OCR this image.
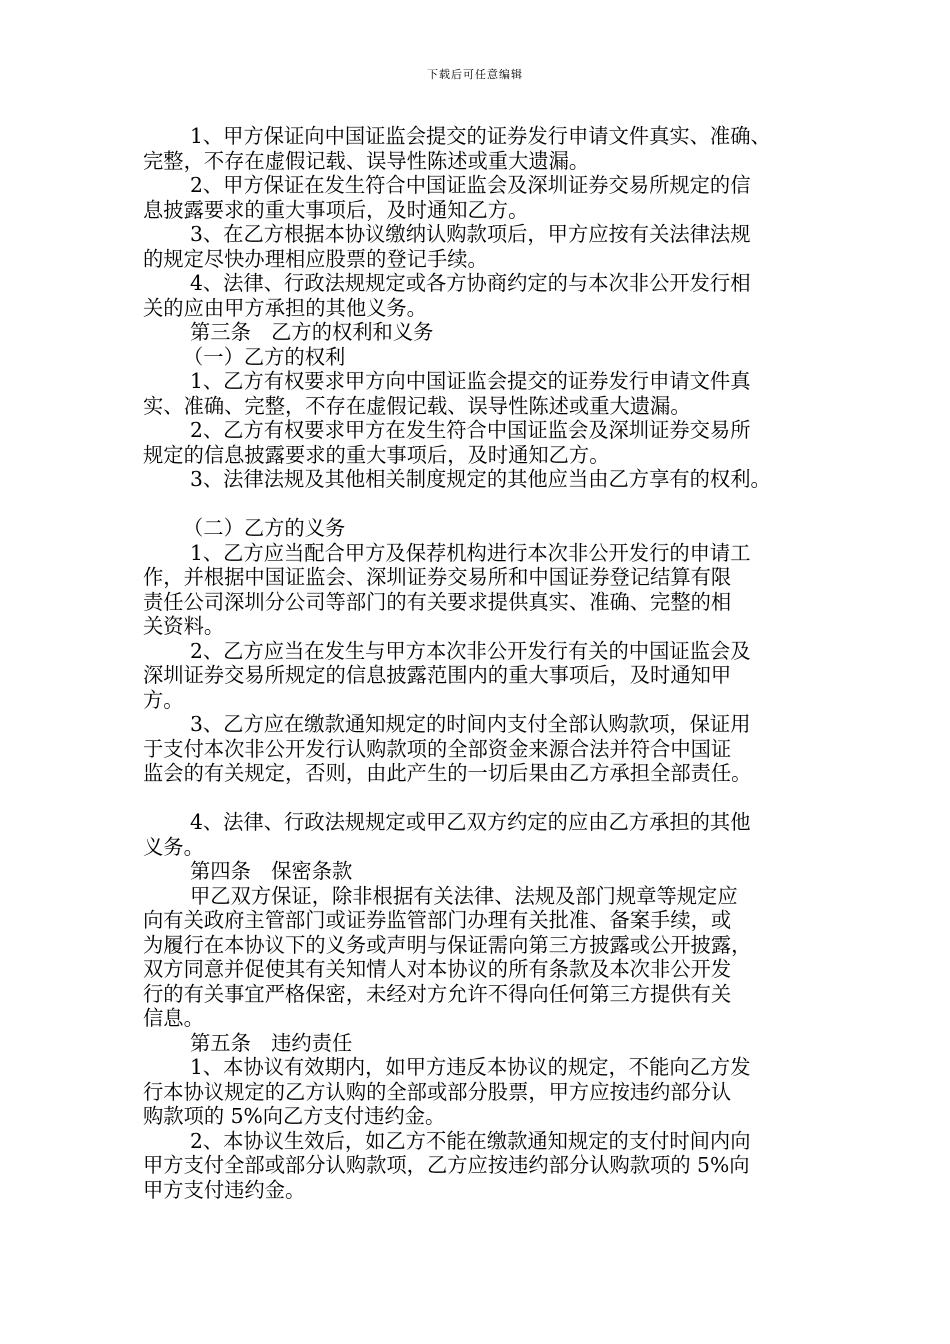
下载后可任意编辑
1、甲方保证向中国证监会提交的证券发行申请文件真实、准确、
完整，不存在虚假记载、误导性陈述或重大遗漏。
2、甲方保证在发生符合中国证监会及深圳证券交易所规定的信
息披露要求的重大事项后，及时通知乙方。
3、在乙方根据本协议缴纳认购款项后，甲方应按有关法律法规
的规定尽快办理相应股票的登记手续。
4、法律、行政法规规定或各方协商约定的与本次非公开发行相
关的应由甲方承担的其他义务。
第三条　乙方的权利和义务
（一）乙方的权利
1、乙方有权要求甲方向中国证监会提交的证券发行申请文件真
实、准确、完整，不存在虚假记载、误导性陈述或重大遗漏。
2、乙方有权要求甲方在发生符合中国证监会及深圳证券交易所
规定的信息披露要求的重大事项后，及时通知乙方。
3、法律法规及其他相关制度规定的其他应当由乙方享有的权利。
（二）乙方的义务
1、乙方应当配合甲方及保荐机构进行本次非公开发行的申请工
作，并根据中国证监会、深圳证券交易所和中国证券登记结算有限
责任公司深圳分公司等部门的有关要求提供真实、准确、完整的相
关资料。
2、乙方应当在发生与甲方本次非公开发行有关的中国证监会及
深圳证券交易所规定的信息披露范围内的重大事项后，及时通知甲
方。
3、乙方应在缴款通知规定的时间内支付全部认购款项，保证用
于支付本次非公开发行认购款项的全部资金来源合法并符合中国证
监会的有关规定，否则，由此产生的一切后果由乙方承担全部责任。
4、法律、行政法规规定或甲乙双方约定的应由乙方承担的其他
义务。
第四条　保密条款
甲乙双方保证，除非根据有关法律、法规及部门规章等规定应
向有关政府主管部门或证券监管部门办理有关批准、备案手续，或
为履行在本协议下的义务或声明与保证需向第三方披露或公开披露，
双方同意并促使其有关知情人对本协议的所有条款及本次非公开发
行的有关事宜严格保密，未经对方允许不得向任何第三方提供有关
信息。
第五条　违约责任
1、本协议有效期内，如甲方违反本协议的规定，不能向乙方发
行本协议规定的乙方认购的全部或部分股票，甲方应按违约部分认
购款项的 5%向乙方支付违约金。
2、本协议生效后，如乙方不能在缴款通知规定的支付时间内向
甲方支付全部或部分认购款项，乙方应按违约部分认购款项的 5%向
甲方支付违约金。
